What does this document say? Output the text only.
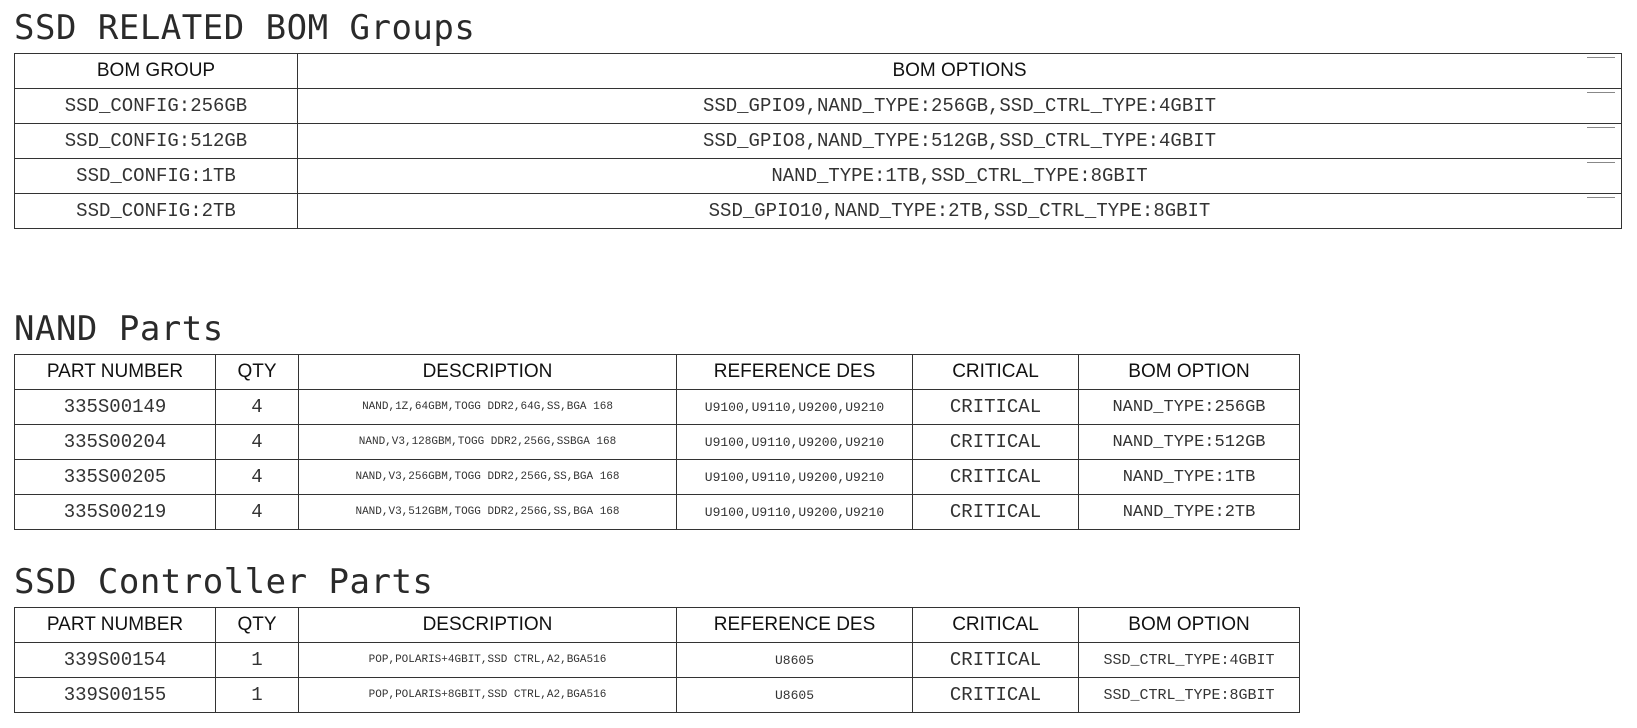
SSD RELATED BOM Groups
BOM GROUP	BOM OPTIONS

SSD_CONFIG:256GB	SSD_GPIO9,NAND_TYPE:256GB,SSD_CTRL_TYPE:4GBIT

SSD_CONFIG:512GB	SSD_GPIO8,NAND_TYPE:512GB,SSD_CTRL_TYPE:4GBIT

SSD_CONFIG:1TB	NAND_TYPE:1TB,SSD_CTRL_TYPE:8GBIT

SSD_CONFIG:2TB	SSD_GPIO10,NAND_TYPE:2TB,SSD_CTRL_TYPE:8GBIT
NAND Parts
PART NUMBER	QTY	DESCRIPTION	REFERENCE DES	CRITICAL	BOM OPTION
335S00149	4	NAND,1Z,64GBM,TOGG DDR2,64G,SS,BGA 168	U9100,U9110,U9200,U9210	CRITICAL	NAND_TYPE:256GB
335S00204	4	NAND,V3,128GBM,TOGG DDR2,256G,SSBGA 168	U9100,U9110,U9200,U9210	CRITICAL	NAND_TYPE:512GB
335S00205	4	NAND,V3,256GBM,TOGG DDR2,256G,SS,BGA 168	U9100,U9110,U9200,U9210	CRITICAL	NAND_TYPE:1TB
335S00219	4	NAND,V3,512GBM,TOGG DDR2,256G,SS,BGA 168	U9100,U9110,U9200,U9210	CRITICAL	NAND_TYPE:2TB
SSD Controller Parts
PART NUMBER	QTY	DESCRIPTION	REFERENCE DES	CRITICAL	BOM OPTION
339S00154	1	POP,POLARIS+4GBIT,SSD CTRL,A2,BGA516	U8605	CRITICAL	SSD_CTRL_TYPE:4GBIT
339S00155	1	POP,POLARIS+8GBIT,SSD CTRL,A2,BGA516	U8605	CRITICAL	SSD_CTRL_TYPE:8GBIT
